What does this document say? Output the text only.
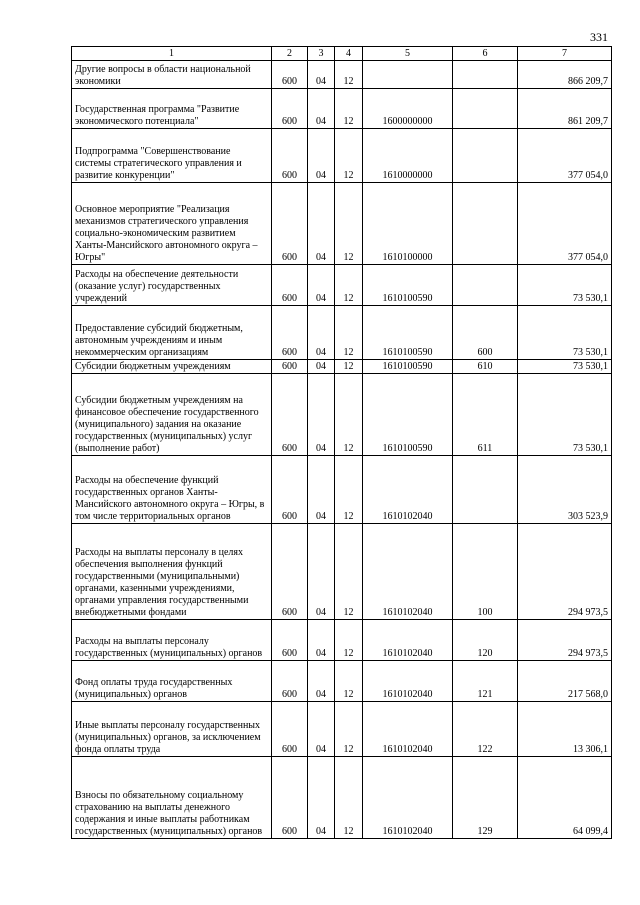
331
1	2	3	4	5	6	7
Другие вопросы в области национальной экономики	600	04	12			866 209,7
Государственная программа "Развитие экономического потенциала"	600	04	12	1600000000		861 209,7
Подпрограмма "Совершенствование системы стратегического управления и развитие конкуренции"	600	04	12	1610000000		377 054,0
Основное мероприятие "Реализация механизмов стратегического управления социально-экономическим развитием Ханты-Мансийского автономного округа – Югры"	600	04	12	1610100000		377 054,0
Расходы на обеспечение деятельности (оказание услуг) государственных учреждений	600	04	12	1610100590		73 530,1
Предоставление субсидий бюджетным, автономным учреждениям и иным некоммерческим организациям	600	04	12	1610100590	600	73 530,1
Субсидии бюджетным учреждениям	600	04	12	1610100590	610	73 530,1
Субсидии бюджетным учреждениям на финансовое обеспечение государственного (муниципального) задания на оказание государственных (муниципальных) услуг (выполнение работ)	600	04	12	1610100590	611	73 530,1
Расходы на обеспечение функций государственных органов Ханты-Мансийского автономного округа – Югры, в том числе территориальных органов	600	04	12	1610102040		303 523,9
Расходы на выплаты персоналу в целях обеспечения выполнения функций государственными (муниципальными) органами, казенными учреждениями, органами управления государственными внебюджетными фондами	600	04	12	1610102040	100	294 973,5
Расходы на выплаты персоналу государственных (муниципальных) органов	600	04	12	1610102040	120	294 973,5
Фонд оплаты труда государственных (муниципальных) органов	600	04	12	1610102040	121	217 568,0
Иные выплаты персоналу государственных (муниципальных) органов, за исключением фонда оплаты труда	600	04	12	1610102040	122	13 306,1
Взносы по обязательному социальному страхованию на выплаты денежного содержания и иные выплаты работникам государственных (муниципальных) органов	600	04	12	1610102040	129	64 099,4
